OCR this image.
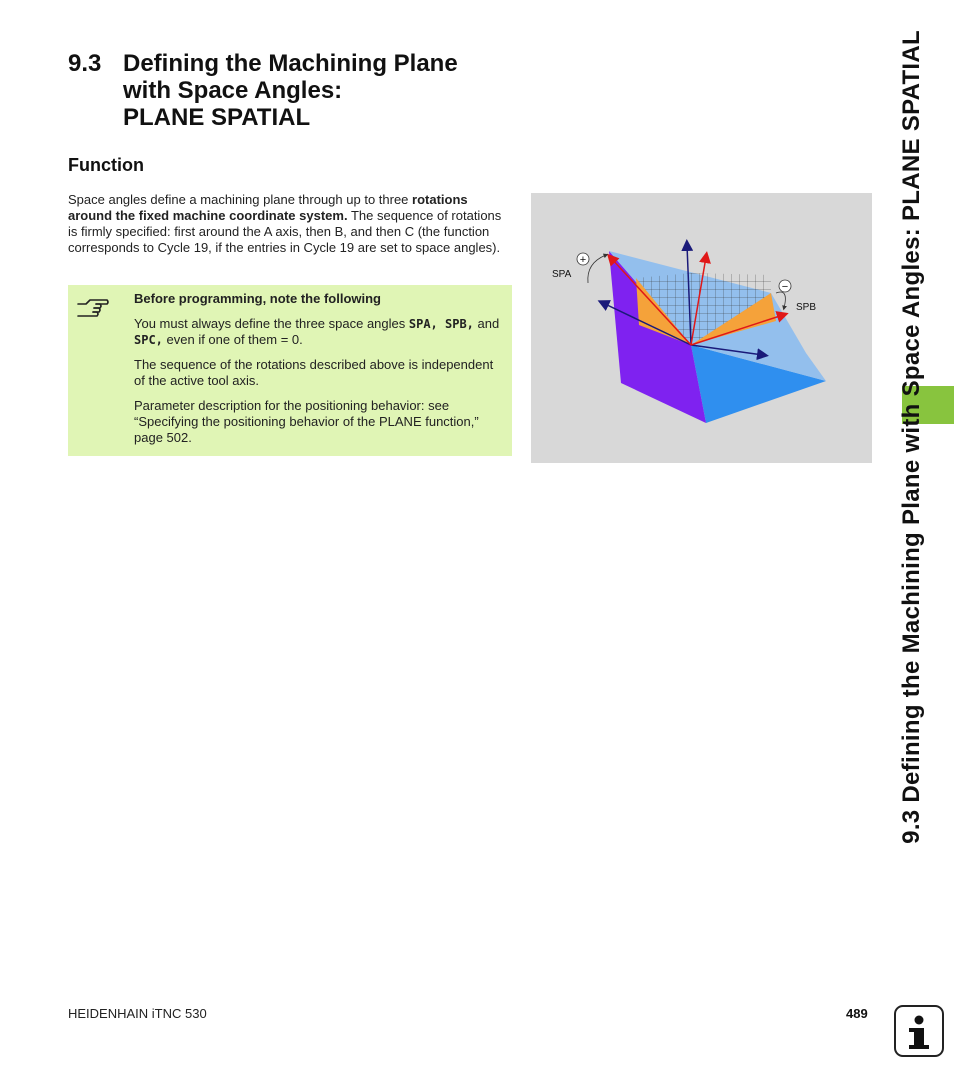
9.3 Defining the Machining Plane
with Space Angles:
PLANE SPATIAL
Function

Space angles define a machining plane through up to three rotations around the fixed machine coordinate system. The sequence of rotations is firmly specified: first around the A axis, then B, and then C (the function corresponds to Cycle 19, if the entries in Cycle 19 are set to space angles).

Before programming, note the following

You must always define the three space angles SPA, SPB, and SPC, even if one of them = 0.

The sequence of the rotations described above is independent of the active tool axis.

Parameter description for the positioning behavior: see “Specifying the positioning behavior of the PLANE function,” page 502.

+
−
SPA
SPB	9.3 Defining the Machining Plane with Space Angles: PLANE SPATIAL
HEIDENHAIN iTNC 530	489
